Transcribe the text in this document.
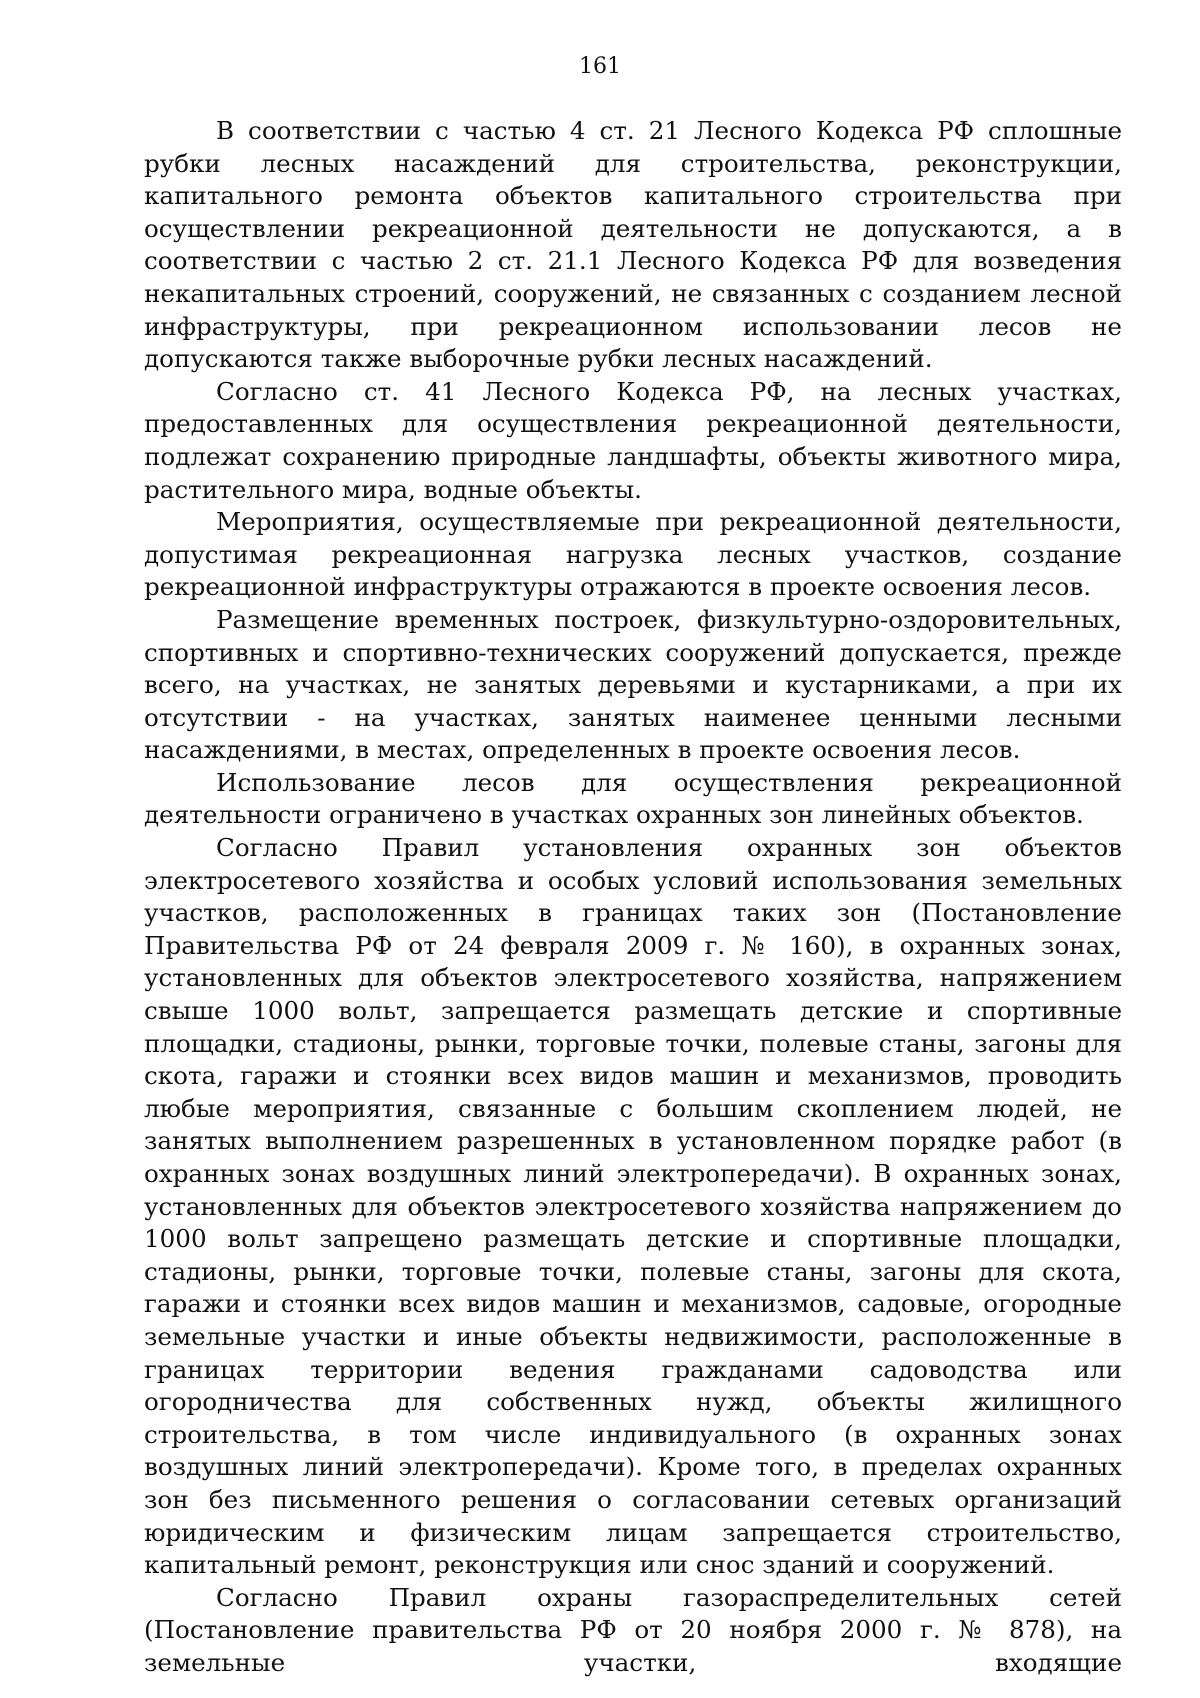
161

В соответствии с частью 4 ст. 21 Лесного Кодекса РФ сплошные рубки лесных насаждений для строительства, реконструкции, капитального ремонта объектов капитального строительства при осуществлении рекреационной деятельности не допускаются, а в соответствии с частью 2 ст. 21.1 Лесного Кодекса РФ для возведения некапитальных строений, сооружений, не связанных с созданием лесной инфраструктуры, при рекреационном использовании лесов не допускаются также выборочные рубки лесных насаждений.

Согласно ст. 41 Лесного Кодекса РФ, на лесных участках, предоставленных для осуществления рекреационной деятельности, подлежат сохранению природные ландшафты, объекты животного мира, растительного мира, водные объекты.

Мероприятия, осуществляемые при рекреационной деятельности, допустимая рекреационная нагрузка лесных участков, создание рекреационной инфраструктуры отражаются в проекте освоения лесов.

Размещение временных построек, физкультурно-оздоровительных, спортивных и спортивно-технических сооружений допускается, прежде всего, на участках, не занятых деревьями и кустарниками, а при их отсутствии - на участках, занятых наименее ценными лесными насаждениями, в местах, определенных в проекте освоения лесов.

Использование лесов для осуществления рекреационной деятельности ограничено в участках охранных зон линейных объектов.

Согласно Правил установления охранных зон объектов электросетевого хозяйства и особых условий использования земельных участков, расположенных в границах таких зон (Постановление Правительства РФ от 24 февраля 2009 г. № 160), в охранных зонах, установленных для объектов электросетевого хозяйства, напряжением свыше 1000 вольт, запрещается размещать детские и спортивные площадки, стадионы, рынки, торговые точки, полевые станы, загоны для скота, гаражи и стоянки всех видов машин и механизмов, проводить любые мероприятия, связанные с большим скоплением людей, не занятых выполнением разрешенных в установленном порядке работ (в охранных зонах воздушных линий электропередачи). В охранных зонах, установленных для объектов электросетевого хозяйства напряжением до 1000 вольт запрещено размещать детские и спортивные площадки, стадионы, рынки, торговые точки, полевые станы, загоны для скота, гаражи и стоянки всех видов машин и механизмов, садовые, огородные земельные участки и иные объекты недвижимости, расположенные в границах территории ведения гражданами садоводства или огородничества для собственных нужд, объекты жилищного строительства, в том числе индивидуального (в охранных зонах воздушных линий электропередачи). Кроме того, в пределах охранных зон без письменного решения о согласовании сетевых организаций юридическим и физическим лицам запрещается строительство, капитальный ремонт, реконструкция или снос зданий и сооружений.

Согласно Правил охраны газораспределительных сетей (Постановление правительства РФ от 20 ноября 2000 г. № 878), на земельные участки, входящие
